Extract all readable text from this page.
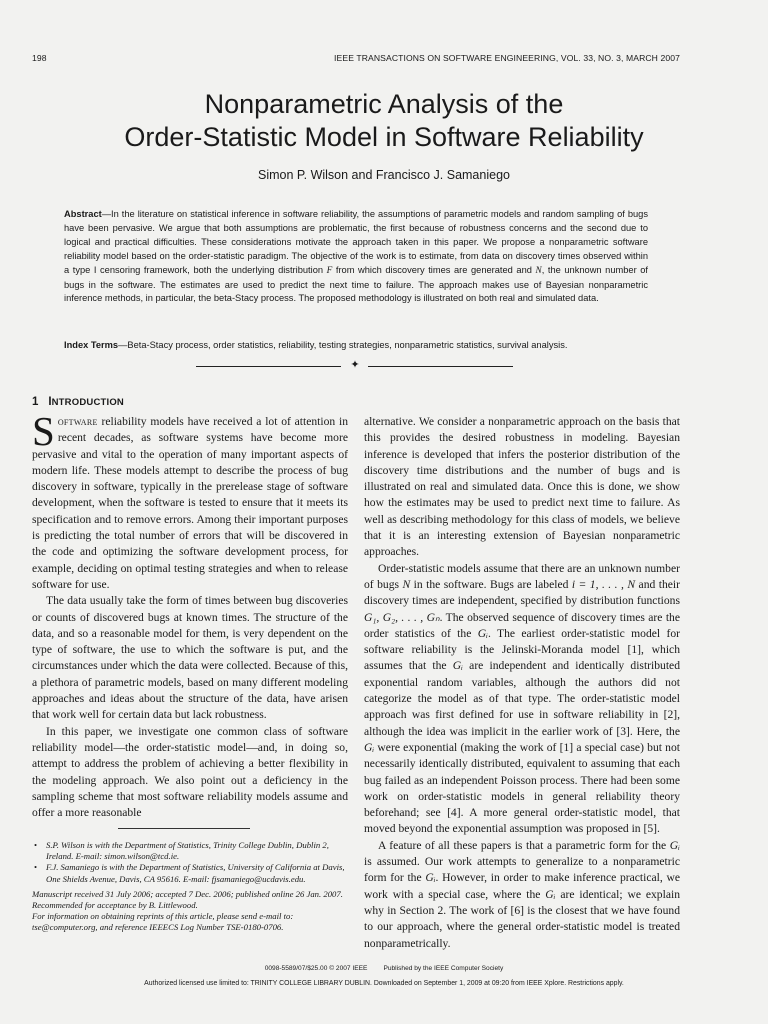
198	IEEE TRANSACTIONS ON SOFTWARE ENGINEERING, VOL. 33, NO. 3, MARCH 2007
Nonparametric Analysis of the
Order-Statistic Model in Software Reliability
Simon P. Wilson and Francisco J. Samaniego
Abstract—In the literature on statistical inference in software reliability, the assumptions of parametric models and random sampling of bugs have been pervasive. We argue that both assumptions are problematic, the first because of robustness concerns and the second due to logical and practical difficulties. These considerations motivate the approach taken in this paper. We propose a nonparametric software reliability model based on the order-statistic paradigm. The objective of the work is to estimate, from data on discovery times observed within a type I censoring framework, both the underlying distribution F from which discovery times are generated and N, the unknown number of bugs in the software. The estimates are used to predict the next time to failure. The approach makes use of Bayesian nonparametric inference methods, in particular, the beta-Stacy process. The proposed methodology is illustrated on both real and simulated data.
Index Terms—Beta-Stacy process, order statistics, reliability, testing strategies, nonparametric statistics, survival analysis.
✦
1 INTRODUCTION

Software reliability models have received a lot of attention in recent decades, as software systems have become more pervasive and vital to the operation of many important aspects of modern life. These models attempt to describe the process of bug discovery in software, typically in the prerelease stage of software development, when the software is tested to ensure that it meets its specification and to remove errors. Among their important purposes is predicting the total number of errors that will be discovered in the code and optimizing the software development process, for example, deciding on optimal testing strategies and when to release software for use.

The data usually take the form of times between bug discoveries or counts of discovered bugs at known times. The structure of the data, and so a reasonable model for them, is very dependent on the type of software, the use to which the software is put, and the circumstances under which the data were collected. Because of this, a plethora of parametric models, based on many different modeling approaches and ideas about the structure of the data, have arisen that work well for certain data but lack robustness.

In this paper, we investigate one common class of software reliability model—the order-statistic model—and, in doing so, attempt to address the problem of achieving a better flexibility in the modeling approach. We also point out a deficiency in the sampling scheme that most software reliability models assume and offer a more reasonable

alternative. We consider a nonparametric approach on the basis that this provides the desired robustness in modeling. Bayesian inference is developed that infers the posterior distribution of the discovery time distributions and the number of bugs and is illustrated on real and simulated data. Once this is done, we show how the estimates may be used to predict next time to failure. As well as describing methodology for this class of models, we believe that it is an interesting extension of Bayesian nonparametric approaches.

Order-statistic models assume that there are an unknown number of bugs N in the software. Bugs are labeled i = 1, . . . , N and their discovery times are independent, specified by distribution functions G₁, G₂, . . . , Gₙ. The observed sequence of discovery times are the order statistics of the Gᵢ. The earliest order-statistic model for software reliability is the Jelinski-Moranda model [1], which assumes that the Gᵢ are independent and identically distributed exponential random variables, although the authors did not categorize the model as of that type. The order-statistic model approach was first defined for use in software reliability in [2], although the idea was implicit in the earlier work of [3]. Here, the Gᵢ were exponential (making the work of [1] a special case) but not necessarily identically distributed, equivalent to assuming that each bug failed as an independent Poisson process. There had been some work on order-statistic models in general reliability theory beforehand; see [4]. A more general order-statistic model, that moved beyond the exponential assumption was proposed in [5].

A feature of all these papers is that a parametric form for the Gᵢ is assumed. Our work attempts to generalize to a nonparametric form for the Gᵢ. However, in order to make inference practical, we work with a special case, where the Gᵢ are identical; we explain why in Section 2. The work of [6] is the closest that we have found to our approach, where the general order-statistic model is treated nonparametrically.

• S.P. Wilson is with the Department of Statistics, Trinity College Dublin, Dublin 2, Ireland. E-mail: simon.wilson@tcd.ie.
• F.J. Samaniego is with the Department of Statistics, University of California at Davis, One Shields Avenue, Davis, CA 95616. E-mail: fjsamaniego@ucdavis.edu.
Manuscript received 31 July 2006; accepted 7 Dec. 2006; published online 26 Jan. 2007.
Recommended for acceptance by B. Littlewood.
For information on obtaining reprints of this article, please send e-mail to: tse@computer.org, and reference IEEECS Log Number TSE-0180-0706.
0098-5589/07/$25.00 © 2007 IEEE Published by the IEEE Computer Society
Authorized licensed use limited to: TRINITY COLLEGE LIBRARY DUBLIN. Downloaded on September 1, 2009 at 09:20 from IEEE Xplore. Restrictions apply.
